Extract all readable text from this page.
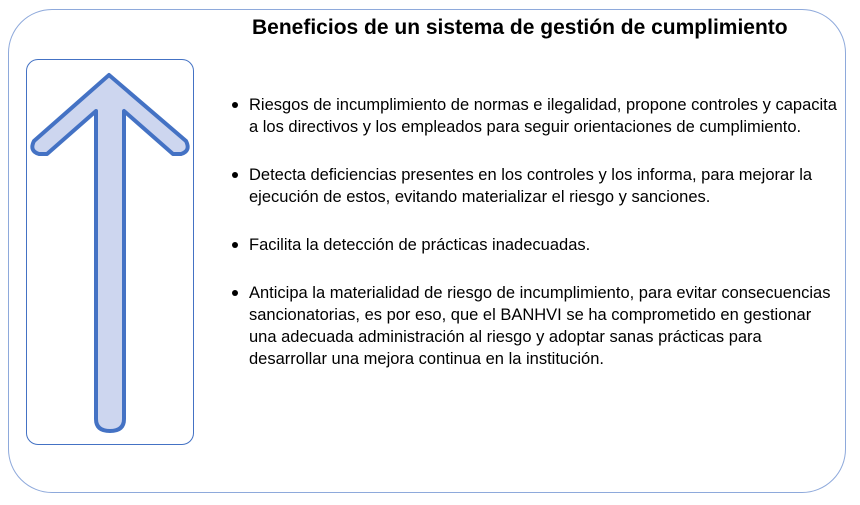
Beneficios de un sistema de gestión de cumplimiento
Riesgos de incumplimiento de normas e ilegalidad, propone controles y capacita a los directivos y los empleados para seguir orientaciones de cumplimiento.
Detecta deficiencias presentes en los controles y los informa, para mejorar la ejecución de estos, evitando materializar el riesgo y sanciones.
Facilita la detección de prácticas inadecuadas.
Anticipa la materialidad de riesgo de incumplimiento, para evitar consecuencias sancionatorias, es por eso, que el BANHVI se ha comprometido en gestionar una adecuada administración al riesgo y adoptar sanas prácticas para desarrollar una mejora continua en la institución.
